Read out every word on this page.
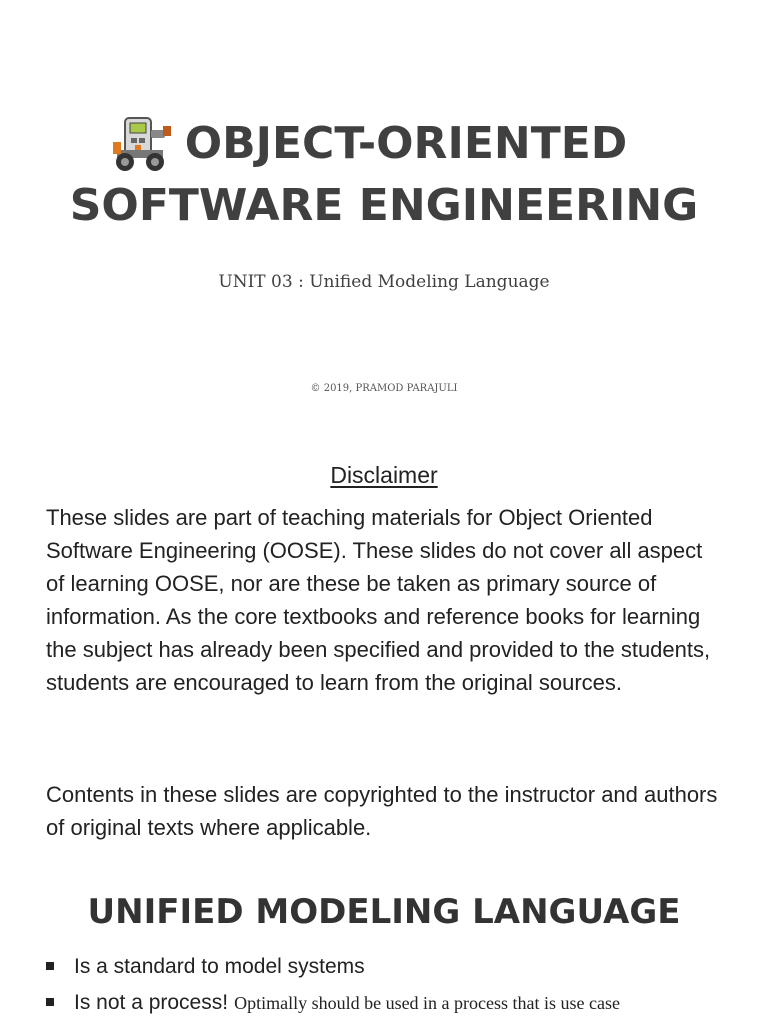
OBJECT-ORIENTED
SOFTWARE ENGINEERING
UNIT 03 : Unified Modeling Language
© 2019, PRAMOD PARAJULI
Disclaimer

These slides are part of teaching materials for Object Oriented Software Engineering (OOSE). These slides do not cover all aspect of learning OOSE, nor are these be taken as primary source of information. As the core textbooks and reference books for learning the subject has already been specified and provided to the students, students are encouraged to learn from the original sources.

Contents in these slides are copyrighted to the instructor and authors of original texts where applicable.

UNIFIED MODELING LANGUAGE
Is a standard to model systems
Is not a process! Optimally should be used in a process that is use case
